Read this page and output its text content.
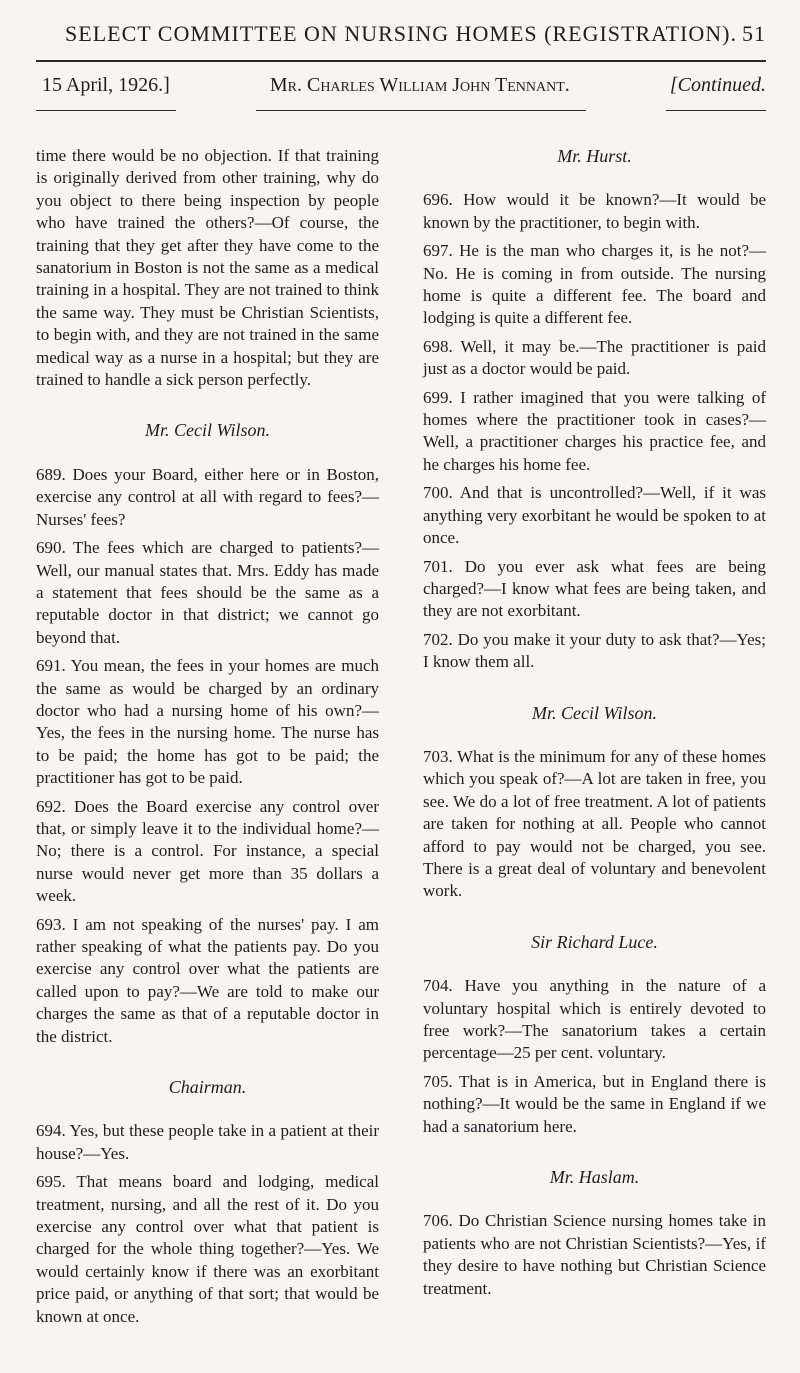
SELECT COMMITTEE ON NURSING HOMES (REGISTRATION). 51
15 April, 1926.]	Mr. Charles William John Tennant.	[Continued.

time there would be no objection. If that training is originally derived from other training, why do you object to there being inspection by people who have trained the others?—Of course, the training that they get after they have come to the sanatorium in Boston is not the same as a medical training in a hospital. They are not trained to think the same way. They must be Christian Scientists, to begin with, and they are not trained in the same medical way as a nurse in a hospital; but they are trained to handle a sick person perfectly.

Mr. Cecil Wilson.

689. Does your Board, either here or in Boston, exercise any control at all with regard to fees?—Nurses' fees?

690. The fees which are charged to patients?—Well, our manual states that. Mrs. Eddy has made a statement that fees should be the same as a reputable doctor in that district; we cannot go beyond that.

691. You mean, the fees in your homes are much the same as would be charged by an ordinary doctor who had a nursing home of his own?—Yes, the fees in the nursing home. The nurse has to be paid; the home has got to be paid; the practitioner has got to be paid.

692. Does the Board exercise any control over that, or simply leave it to the individual home?—No; there is a control. For instance, a special nurse would never get more than 35 dollars a week.

693. I am not speaking of the nurses' pay. I am rather speaking of what the patients pay. Do you exercise any control over what the patients are called upon to pay?—We are told to make our charges the same as that of a reputable doctor in the district.

Chairman.

694. Yes, but these people take in a patient at their house?—Yes.

695. That means board and lodging, medical treatment, nursing, and all the rest of it. Do you exercise any control over what that patient is charged for the whole thing together?—Yes. We would certainly know if there was an exorbitant price paid, or anything of that sort; that would be known at once.

Mr. Hurst.

696. How would it be known?—It would be known by the practitioner, to begin with.

697. He is the man who charges it, is he not?—No. He is coming in from outside. The nursing home is quite a different fee. The board and lodging is quite a different fee.

698. Well, it may be.—The practitioner is paid just as a doctor would be paid.

699. I rather imagined that you were talking of homes where the practitioner took in cases?—Well, a practitioner charges his practice fee, and he charges his home fee.

700. And that is uncontrolled?—Well, if it was anything very exorbitant he would be spoken to at once.

701. Do you ever ask what fees are being charged?—I know what fees are being taken, and they are not exorbitant.

702. Do you make it your duty to ask that?—Yes; I know them all.

Mr. Cecil Wilson.

703. What is the minimum for any of these homes which you speak of?—A lot are taken in free, you see. We do a lot of free treatment. A lot of patients are taken for nothing at all. People who cannot afford to pay would not be charged, you see. There is a great deal of voluntary and benevolent work.

Sir Richard Luce.

704. Have you anything in the nature of a voluntary hospital which is entirely devoted to free work?—The sanatorium takes a certain percentage—25 per cent. voluntary.

705. That is in America, but in England there is nothing?—It would be the same in England if we had a sanatorium here.

Mr. Haslam.

706. Do Christian Science nursing homes take in patients who are not Christian Scientists?—Yes, if they desire to have nothing but Christian Science treatment.
